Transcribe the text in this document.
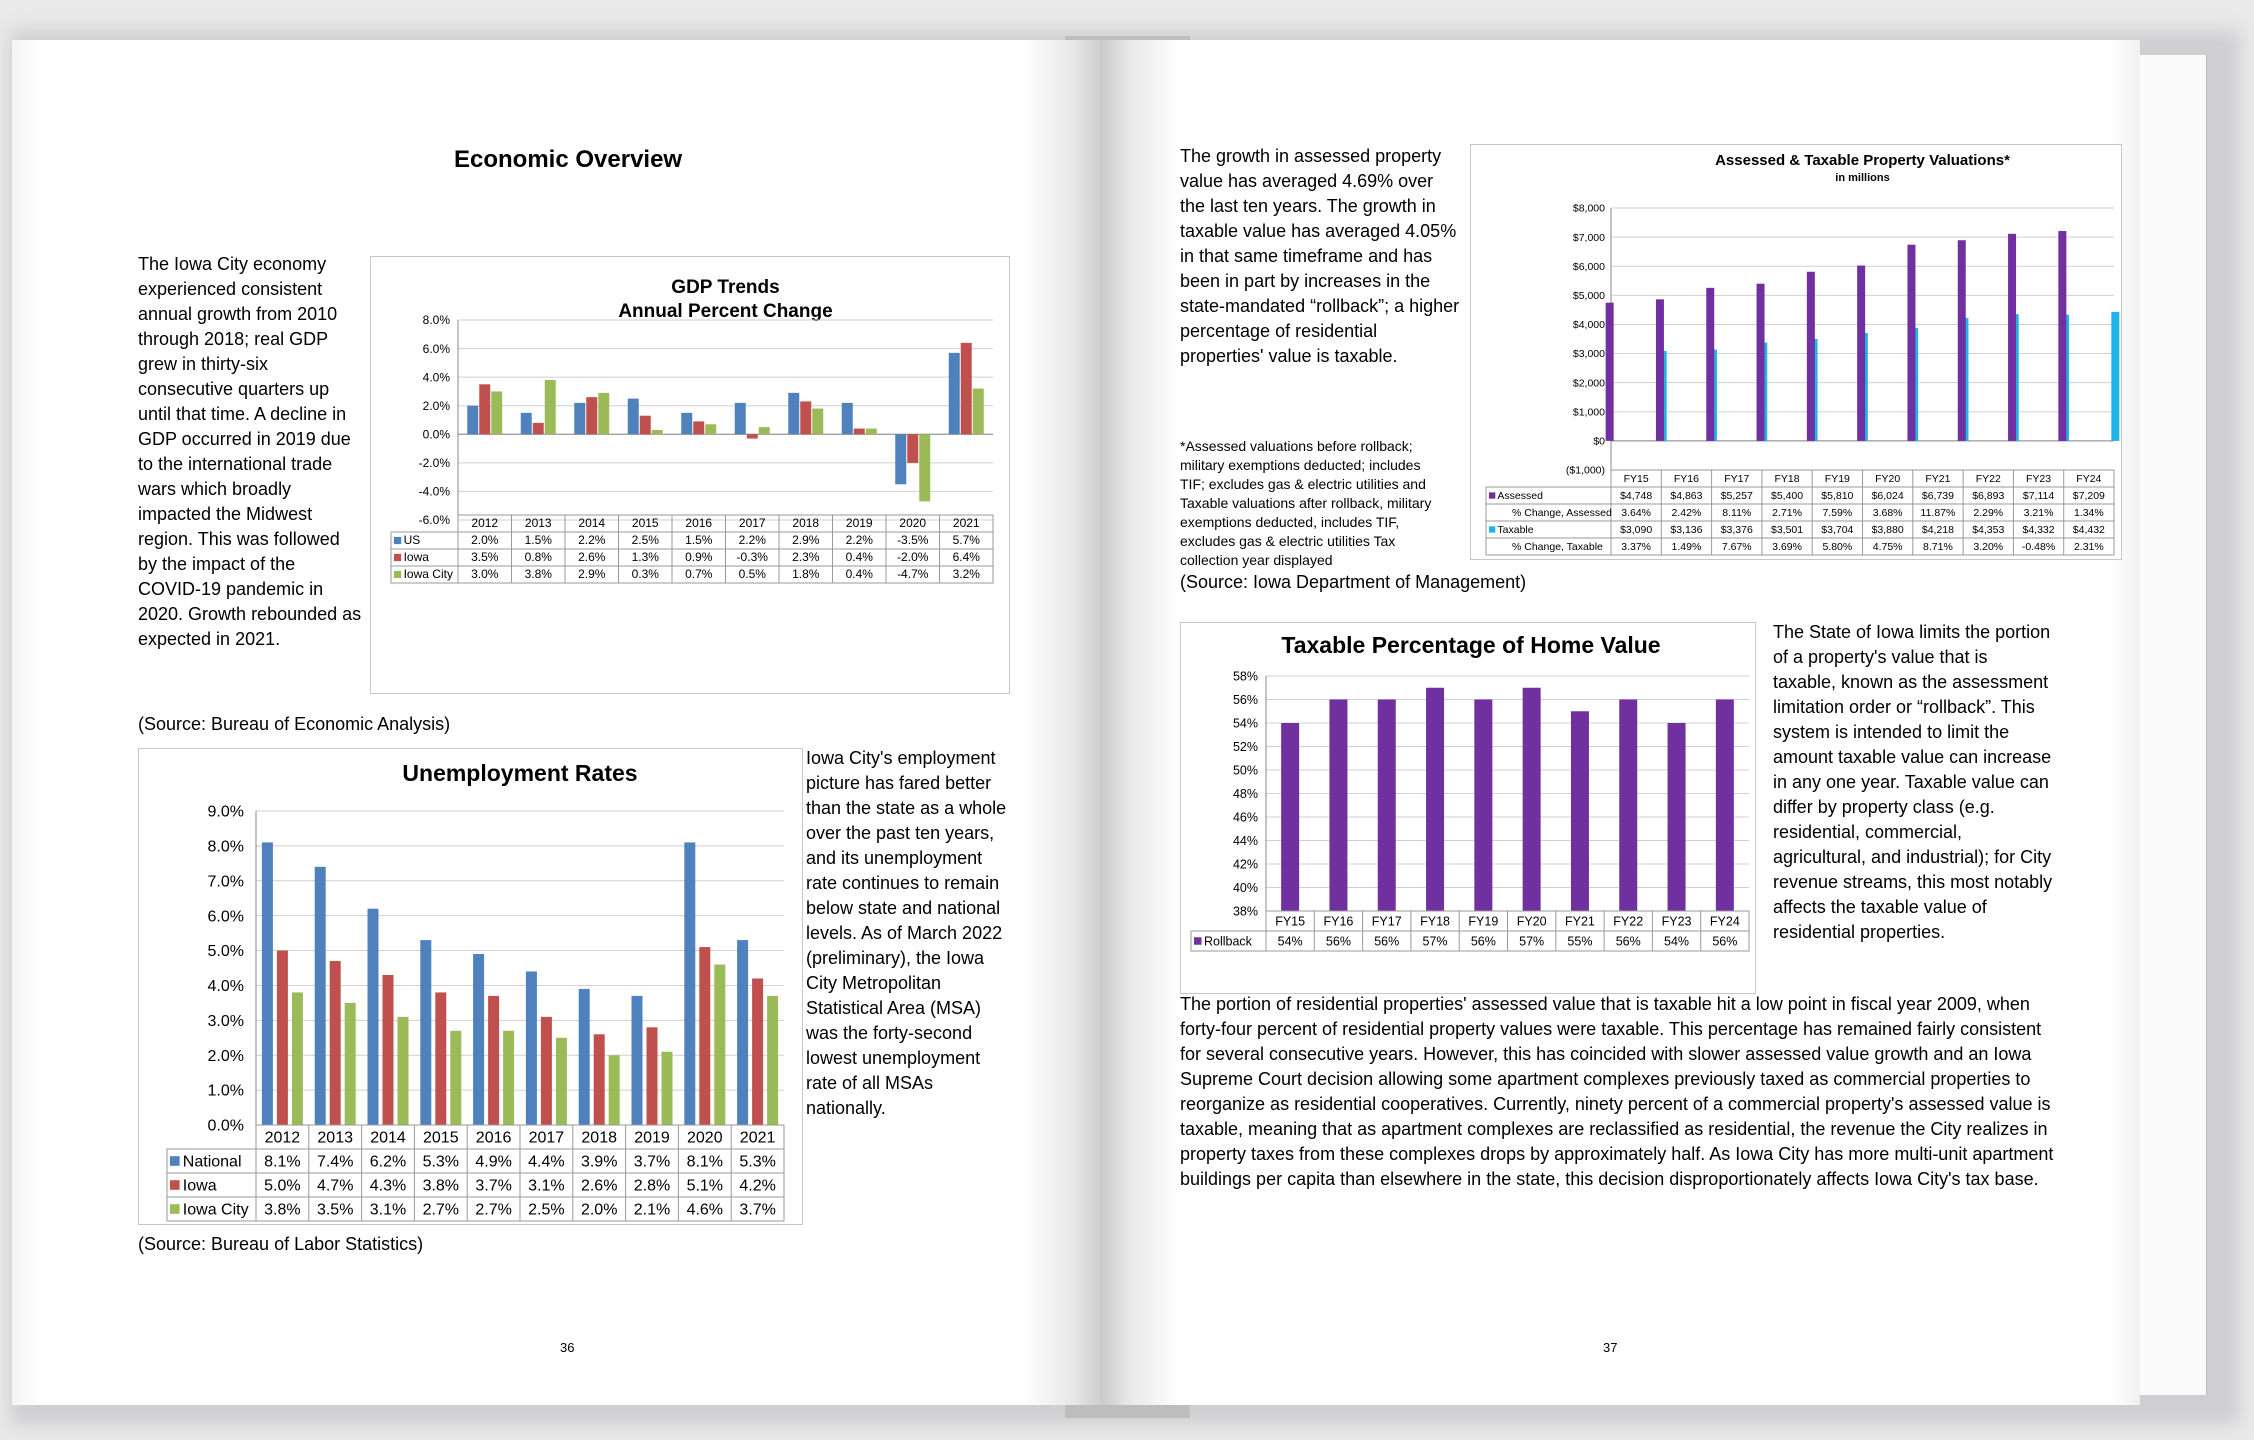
Economic Overview
The Iowa City economy experienced consistent annual growth from 2010 through 2018; real GDP grew in thirty-six consecutive quarters up until that time. A decline in GDP occurred in 2019 due to the international trade wars which broadly impacted the Midwest region. This was followed by the impact of the COVID-19 pandemic in 2020. Growth rebounded as expected in 2021.
(Source: Bureau of Economic Analysis)
GDP Trends
Annual Percent Change
8.0%
6.0%
4.0%
2.0%
0.0%
-2.0%
-4.0%
-6.0% 2012 2013 2014 2015 2016 2017 2018 2019 2020 2021
US	2.0% 1.5% 2.2% 2.5% 1.5% 2.2% 2.9% 2.2% -3.5% 5.7%
Iowa	3.5% 0.8% 2.6% 1.3% 0.9% -0.3% 2.3% 0.4% -2.0% 6.4%
Iowa City 3.0% 3.8% 2.9% 0.3% 0.7% 0.5% 1.8% 0.4% -4.7% 3.2%
Unemployment Rates
9.0%
8.0%
7.0%
6.0%
5.0%
4.0%
3.0%
2.0%
1.0%
0.0%
2012 2013 2014 2015 2016 2017 2018 2019 2020 2021
National 8.1% 7.4% 6.2% 5.3% 4.9% 4.4% 3.9% 3.7% 8.1% 5.3%
Iowa	5.0% 4.7% 4.3% 3.8% 3.7% 3.1% 2.6% 2.8% 5.1% 4.2%
Iowa City 3.8% 3.5% 3.1% 2.7% 2.7% 2.5% 2.0% 2.1% 4.6% 3.7%
Iowa City's employment picture has fared better than the state as a whole over the past ten years, and its unemployment rate continues to remain below state and national levels. As of March 2022 (preliminary), the Iowa City Metropolitan Statistical Area (MSA) was the forty-second lowest unemployment rate of all MSAs nationally.
(Source: Bureau of Labor Statistics)
36
The growth in assessed property value has averaged 4.69% over the last ten years. The growth in taxable value has averaged 4.05% in that same timeframe and has been in part by increases in the state-mandated “rollback”; a higher percentage of residential properties' value is taxable.
Assessed & Taxable Property Valuations*
in millions
$8,000
$7,000
$6,000
$5,000
$4,000
$3,000
$2,000
$1,000
$0
($1,000)
FY15 FY16 FY17 FY18 FY19 FY20 FY21 FY22 FY23 FY24
Assessed	$4,748 $4,863 $5,257 $5,400 $5,810 $6,024 $6,739 $6,893 $7,114 $7,209
% Change, Assessed 3.64% 2.42% 8.11% 2.71% 7.59% 3.68% 11.87% 2.29% 3.21% 1.34%
Taxable	$3,090 $3,136 $3,376 $3,501 $3,704 $3,880 $4,218 $4,353 $4,332 $4,432
% Change, Taxable 3.37% 1.49% 7.67% 3.69% 5.80% 4.75% 8.71% 3.20% -0.48% 2.31%
*Assessed valuations before rollback; military exemptions deducted; includes TIF; excludes gas & electric utilities and Taxable valuations after rollback, military exemptions deducted, includes TIF, excludes gas & electric utilities Tax collection year displayed
(Source: Iowa Department of Management)
Taxable Percentage of Home Value
58%
56%
54%
52%
50%
48%
46%
44%
42%
40%
38%
FY15 FY16 FY17 FY18 FY19 FY20 FY21 FY22 FY23 FY24
Rollback 54% 56% 56% 57% 56% 57% 55% 56% 54% 56%
The State of Iowa limits the portion of a property's value that is taxable, known as the assessment limitation order or “rollback”. This system is intended to limit the amount taxable value can increase in any one year. Taxable value can differ by property class (e.g. residential, commercial, agricultural, and industrial); for City revenue streams, this most notably affects the taxable value of residential properties.
The portion of residential properties' assessed value that is taxable hit a low point in fiscal year 2009, when forty-four percent of residential property values were taxable. This percentage has remained fairly consistent for several consecutive years. However, this has coincided with slower assessed value growth and an Iowa Supreme Court decision allowing some apartment complexes previously taxed as commercial properties to reorganize as residential cooperatives. Currently, ninety percent of a commercial property's assessed value is taxable, meaning that as apartment complexes are reclassified as residential, the revenue the City realizes in property taxes from these complexes drops by approximately half. As Iowa City has more multi-unit apartment buildings per capita than elsewhere in the state, this decision disproportionately affects Iowa City's tax base.
37
